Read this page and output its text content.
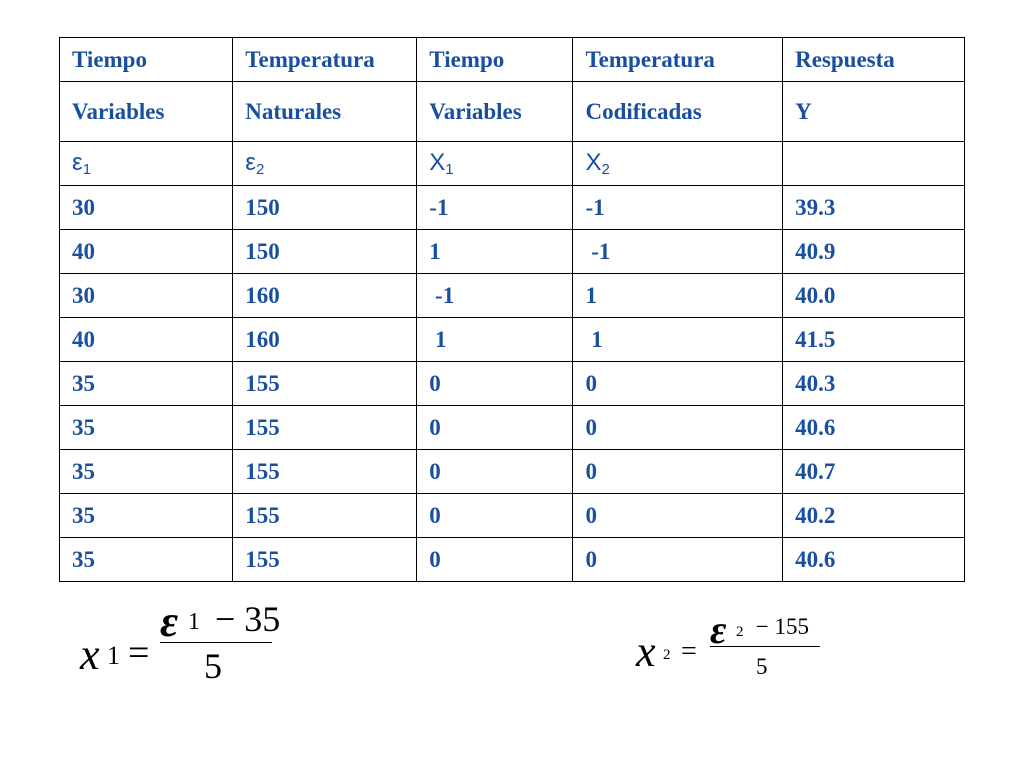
Tiempo	Temperatura	Tiempo	Temperatura	Respuesta
Variables	Naturales	Variables	Codificadas	Y
$\varepsilon_1$	$\varepsilon_2$	$X_1$	$X_2$	
30	150	-1	-1	39.3
40	150	1	-1	40.9
30	160	-1	1	40.0
40	160	1	1	41.5
35	155	0	0	40.3
35	155	0	0	40.6
35	155	0	0	40.7
35	155	0	0	40.2
35	155	0	0	40.6
x 1 =
ε 1 − 35
5	x 2 = ε 2 − 155
5
